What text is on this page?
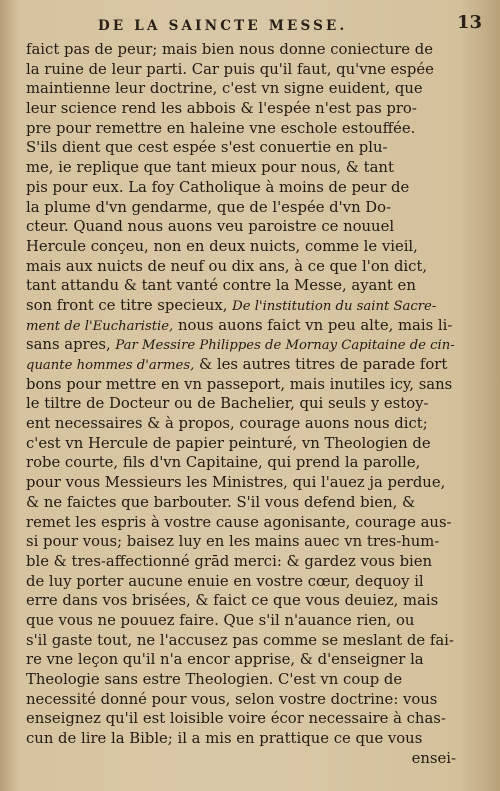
DE LA SAINCTE MESSE.	13
faict pas de peur; mais bien nous donne coniecture de
la ruine de leur parti. Car puis qu'il faut, qu'vne espée
maintienne leur doctrine, c'est vn signe euident, que
leur science rend les abbois & l'espée n'est pas pro-
pre pour remettre en haleine vne eschole estouffée.
S'ils dient que cest espée s'est conuertie en plu-
me, ie replique que tant mieux pour nous, & tant
pis pour eux. La foy Catholique à moins de peur de
la plume d'vn gendarme, que de l'espée d'vn Do-
cteur. Quand nous auons veu paroistre ce nouuel
Hercule conçeu, non en deux nuicts, comme le vieil,
mais aux nuicts de neuf ou dix ans, à ce que l'on dict,
tant attandu & tant vanté contre la Messe, ayant en
son front ce titre specieux, De l'institution du saint Sacre-
ment de l'Eucharistie, nous auons faict vn peu alte, mais li-
sans apres, Par Messire Philippes de Mornay Capitaine de cin-
quante hommes d'armes, & les autres titres de parade fort
bons pour mettre en vn passeport, mais inutiles icy, sans
le tiltre de Docteur ou de Bachelier, qui seuls y estoy-
ent necessaires & à propos, courage auons nous dict;
c'est vn Hercule de papier peinturé, vn Theologien de
robe courte, fils d'vn Capitaine, qui prend la parolle,
pour vous Messieurs les Ministres, qui l'auez ja perdue,
& ne faictes que barbouter. S'il vous defend bien, &
remet les espris à vostre cause agonisante, courage aus-
si pour vous; baisez luy en les mains auec vn tres-hum-
ble & tres-affectionné grād merci: & gardez vous bien
de luy porter aucune enuie en vostre cœur, dequoy il
erre dans vos brisées, & faict ce que vous deuiez, mais
que vous ne pouuez faire. Que s'il n'auance rien, ou
s'il gaste tout, ne l'accusez pas comme se meslant de fai-
re vne leçon qu'il n'a encor apprise, & d'enseigner la
Theologie sans estre Theologien. C'est vn coup de
necessité donné pour vous, selon vostre doctrine: vous
enseignez qu'il est loisible voire écor necessaire à chas-
cun de lire la Bible; il a mis en prattique ce que vous
ensei-
